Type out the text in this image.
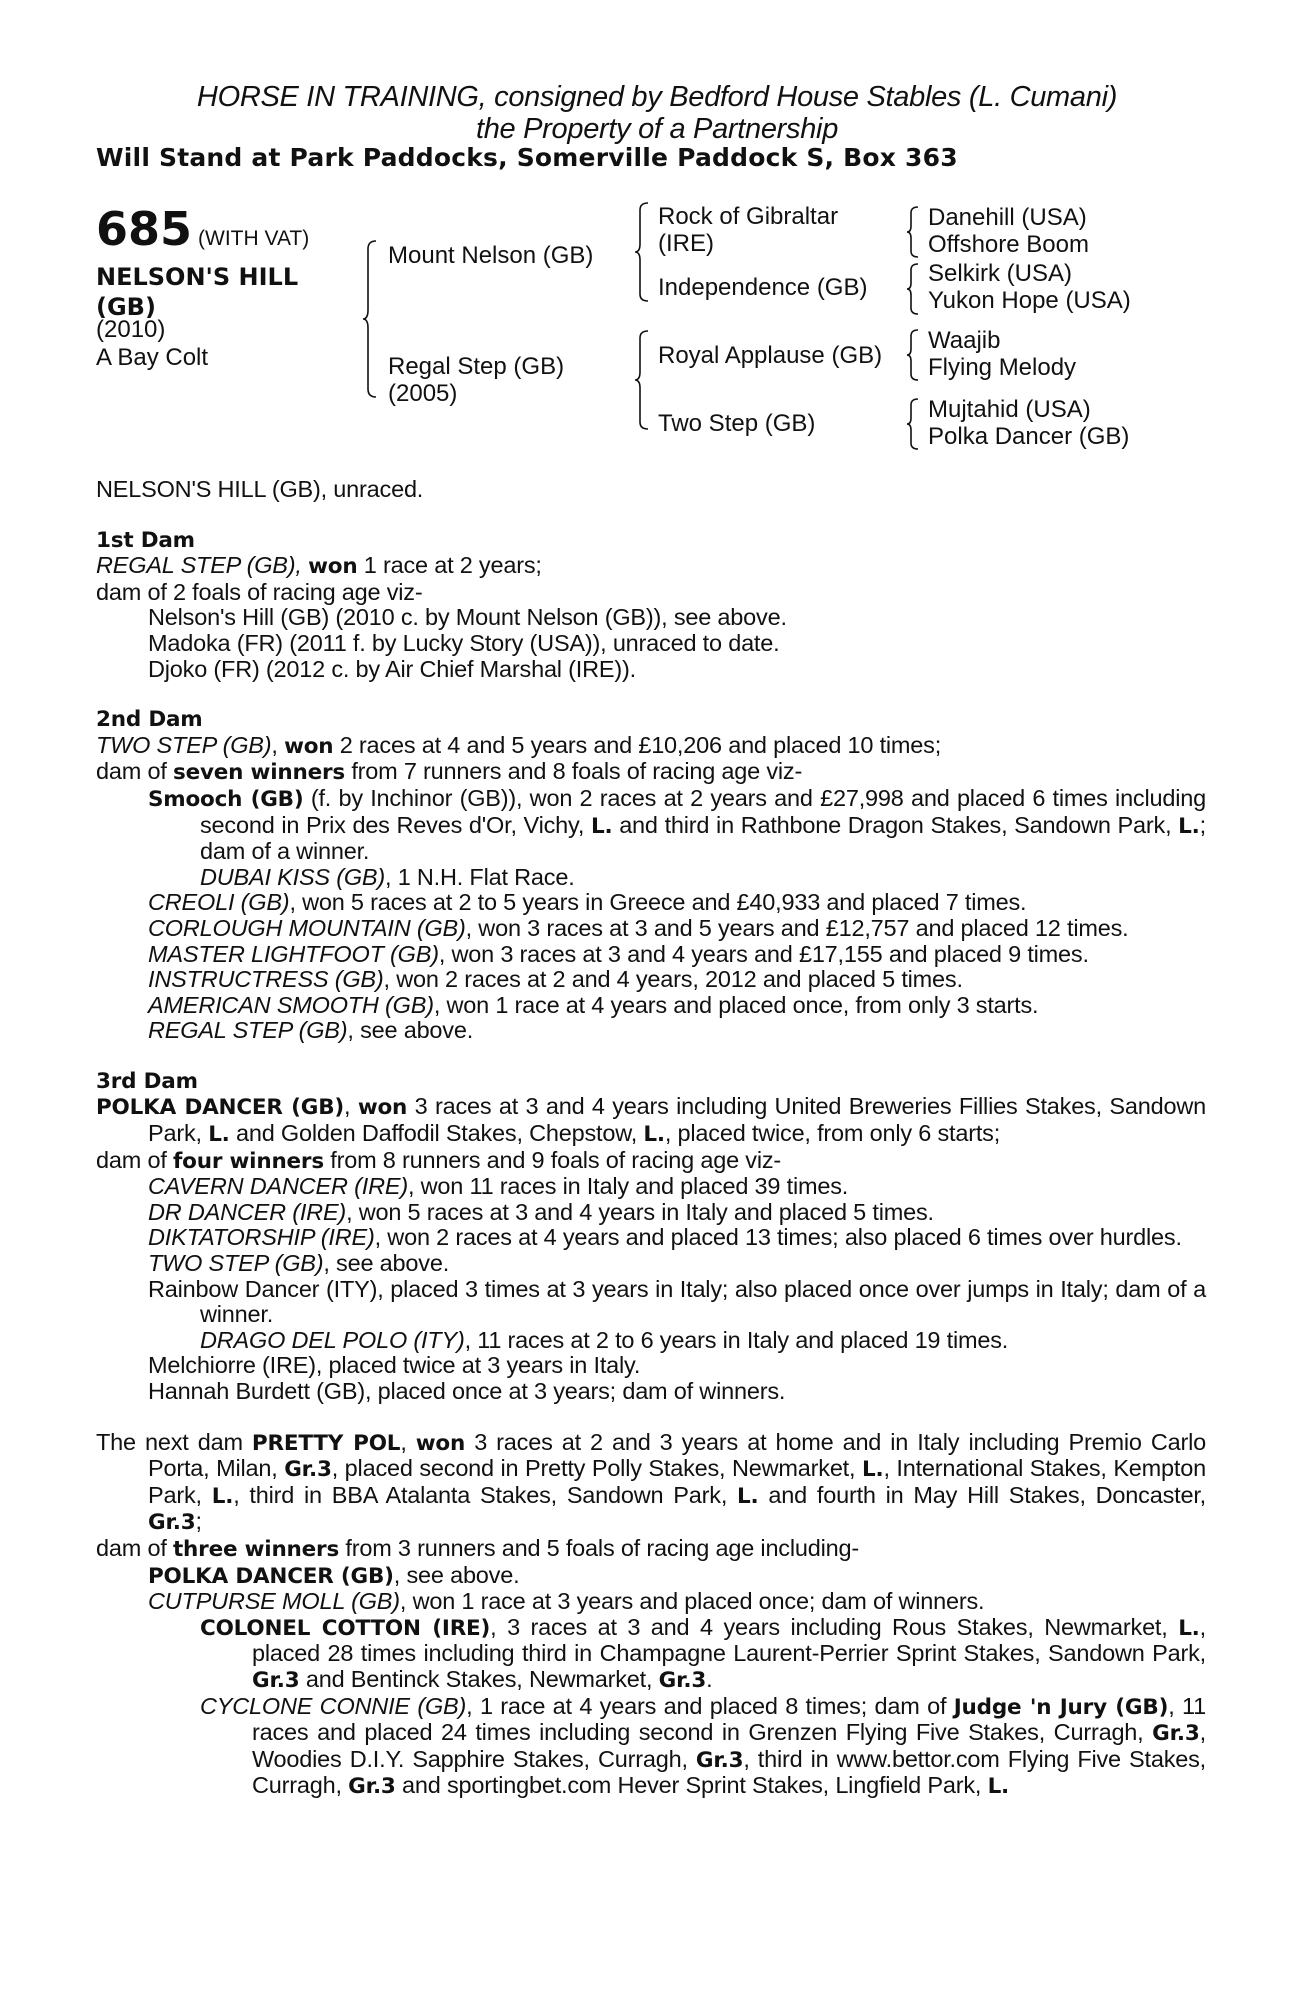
HORSE IN TRAINING, consigned by Bedford House Stables (L. Cumani)
the Property of a Partnership
Will Stand at Park Paddocks, Somerville Paddock S, Box 363
685 (WITH VAT)
NELSON'S HILL
(GB)
(2010)
A Bay Colt
Mount Nelson (GB)
Regal Step (GB)
(2005)
Rock of Gibraltar
(IRE)
Independence (GB)
Royal Applause (GB)
Two Step (GB)
Danehill (USA)
Offshore Boom
Selkirk (USA)
Yukon Hope (USA)
Waajib
Flying Melody
Mujtahid (USA)
Polka Dancer (GB)

NELSON'S HILL (GB), unraced.

1st Dam

REGAL STEP (GB), won 1 race at 2 years;

dam of 2 foals of racing age viz-

Nelson's Hill (GB) (2010 c. by Mount Nelson (GB)), see above.

Madoka (FR) (2011 f. by Lucky Story (USA)), unraced to date.

Djoko (FR) (2012 c. by Air Chief Marshal (IRE)).

2nd Dam

TWO STEP (GB), won 2 races at 4 and 5 years and £10,206 and placed 10 times;

dam of seven winners from 7 runners and 8 foals of racing age viz-

Smooch (GB) (f. by Inchinor (GB)), won 2 races at 2 years and £27,998 and placed 6 times including second in Prix des Reves d'Or, Vichy, L. and third in Rathbone Dragon Stakes, Sandown Park, L.; dam of a winner.

DUBAI KISS (GB), 1 N.H. Flat Race.

CREOLI (GB), won 5 races at 2 to 5 years in Greece and £40,933 and placed 7 times.

CORLOUGH MOUNTAIN (GB), won 3 races at 3 and 5 years and £12,757 and placed 12 times.

MASTER LIGHTFOOT (GB), won 3 races at 3 and 4 years and £17,155 and placed 9 times.

INSTRUCTRESS (GB), won 2 races at 2 and 4 years, 2012 and placed 5 times.

AMERICAN SMOOTH (GB), won 1 race at 4 years and placed once, from only 3 starts.

REGAL STEP (GB), see above.

3rd Dam

POLKA DANCER (GB), won 3 races at 3 and 4 years including United Breweries Fillies Stakes, Sandown Park, L. and Golden Daffodil Stakes, Chepstow, L., placed twice, from only 6 starts;

dam of four winners from 8 runners and 9 foals of racing age viz-

CAVERN DANCER (IRE), won 11 races in Italy and placed 39 times.

DR DANCER (IRE), won 5 races at 3 and 4 years in Italy and placed 5 times.

DIKTATORSHIP (IRE), won 2 races at 4 years and placed 13 times; also placed 6 times over hurdles.

TWO STEP (GB), see above.

Rainbow Dancer (ITY), placed 3 times at 3 years in Italy; also placed once over jumps in Italy; dam of a winner.

DRAGO DEL POLO (ITY), 11 races at 2 to 6 years in Italy and placed 19 times.

Melchiorre (IRE), placed twice at 3 years in Italy.

Hannah Burdett (GB), placed once at 3 years; dam of winners.

The next dam PRETTY POL, won 3 races at 2 and 3 years at home and in Italy including Premio Carlo Porta, Milan, Gr.3, placed second in Pretty Polly Stakes, Newmarket, L., International Stakes, Kempton Park, L., third in BBA Atalanta Stakes, Sandown Park, L. and fourth in May Hill Stakes, Doncaster, Gr.3;

dam of three winners from 3 runners and 5 foals of racing age including-

POLKA DANCER (GB), see above.

CUTPURSE MOLL (GB), won 1 race at 3 years and placed once; dam of winners.

COLONEL COTTON (IRE), 3 races at 3 and 4 years including Rous Stakes, Newmarket, L., placed 28 times including third in Champagne Laurent-Perrier Sprint Stakes, Sandown Park, Gr.3 and Bentinck Stakes, Newmarket, Gr.3.

CYCLONE CONNIE (GB), 1 race at 4 years and placed 8 times; dam of Judge 'n Jury (GB), 11 races and placed 24 times including second in Grenzen Flying Five Stakes, Curragh, Gr.3, Woodies D.I.Y. Sapphire Stakes, Curragh, Gr.3, third in www.bettor.com Flying Five Stakes, Curragh, Gr.3 and sportingbet.com Hever Sprint Stakes, Lingfield Park, L.
